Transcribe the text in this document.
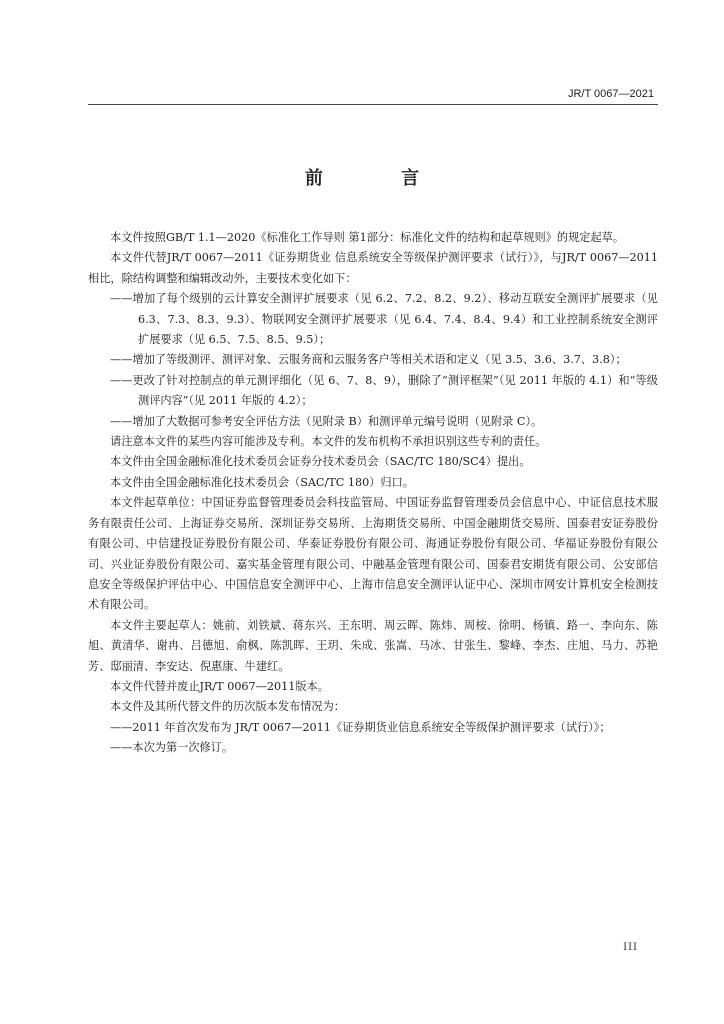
JR/T 0067—2021
前 言

本文件按照GB/T 1.1—2020《标准化工作导则 第1部分：标准化文件的结构和起草规则》的规定起草。

本文件代替JR/T 0067—2011《证券期货业 信息系统安全等级保护测评要求（试行）》，与JR/T 0067—2011相比，除结构调整和编辑改动外，主要技术变化如下：

——增加了每个级别的云计算安全测评扩展要求（见 6.2、7.2、8.2、9.2）、移动互联安全测评扩展要求（见 6.3、7.3、8.3、9.3）、物联网安全测评扩展要求（见 6.4、7.4、8.4、9.4）和工业控制系统安全测评扩展要求（见 6.5、7.5、8.5、9.5）；

——增加了等级测评、测评对象、云服务商和云服务客户等相关术语和定义（见 3.5、3.6、3.7、3.8）；

——更改了针对控制点的单元测评细化（见 6、7、8、9），删除了“测评框架”（见 2011 年版的 4.1）和“等级测评内容”（见 2011 年版的 4.2）；

——增加了大数据可参考安全评估方法（见附录 B）和测评单元编号说明（见附录 C）。

请注意本文件的某些内容可能涉及专利。本文件的发布机构不承担识别这些专利的责任。

本文件由全国金融标准化技术委员会证券分技术委员会（SAC/TC 180/SC4）提出。

本文件由全国金融标准化技术委员会（SAC/TC 180）归口。

本文件起草单位：中国证券监督管理委员会科技监管局、中国证券监督管理委员会信息中心、中证信息技术服务有限责任公司、上海证券交易所、深圳证券交易所、上海期货交易所、中国金融期货交易所、国泰君安证券股份有限公司、中信建投证券股份有限公司、华泰证券股份有限公司、海通证券股份有限公司、华福证券股份有限公司、兴业证券股份有限公司、嘉实基金管理有限公司、中融基金管理有限公司、国泰君安期货有限公司、公安部信息安全等级保护评估中心、中国信息安全测评中心、上海市信息安全测评认证中心、深圳市网安计算机安全检测技术有限公司。

本文件主要起草人：姚前、刘铁斌、蒋东兴、王东明、周云晖、陈炜、周桉、徐明、杨镇、路一、李向东、陈旭、黄清华、谢冉、吕德旭、俞枫、陈凯晖、王玥、朱成、张嵩、马冰、甘张生、黎峰、李杰、庄旭、马力、苏艳芳、邸丽清、李安达、倪惠康、牛建红。

本文件代替并废止JR/T 0067—2011版本。

本文件及其所代替文件的历次版本发布情况为：

——2011 年首次发布为 JR/T 0067—2011《证券期货业信息系统安全等级保护测评要求（试行）》；

——本次为第一次修订。

III
